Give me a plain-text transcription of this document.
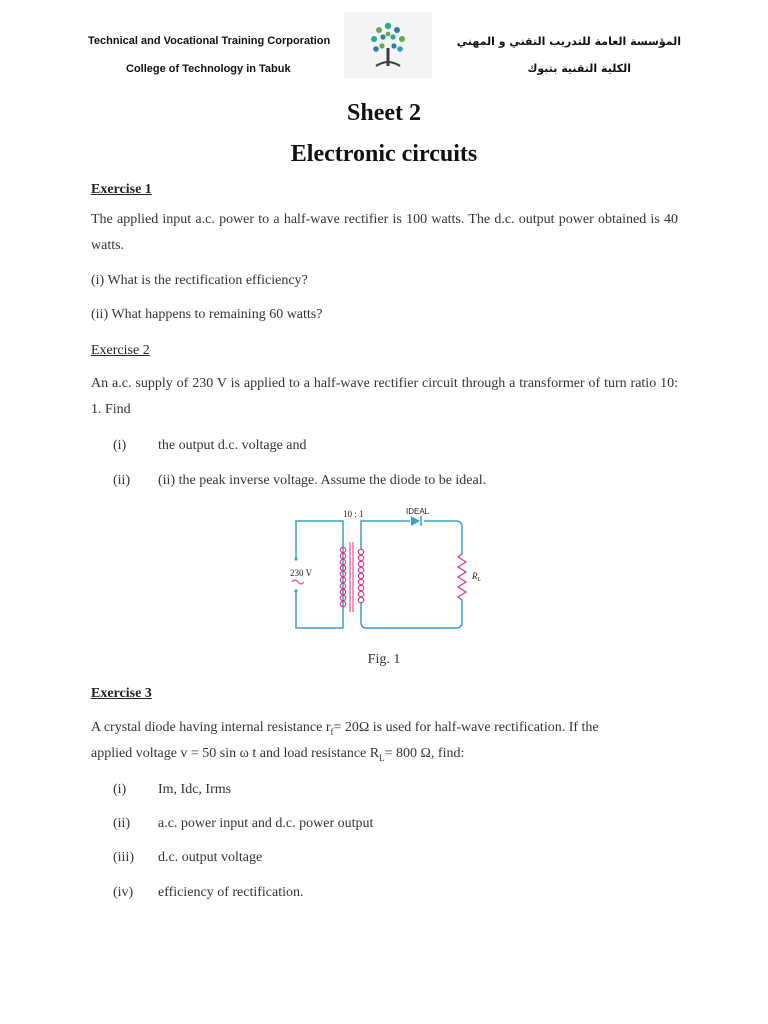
Technical and Vocational Training Corporation
College of Technology in Tabuk
المؤسسة العامة للتدريب التقني و المهني
الكلية التقنية بتبوك
Sheet 2
Electronic circuits
Exercise 1
The applied input a.c. power to a half-wave rectifier is 100 watts. The d.c. output power obtained is 40 watts.
(i) What is the rectification efficiency?
(ii) What happens to remaining 60 watts?
Exercise 2
An a.c. supply of 230 V is applied to a half-wave rectifier circuit through a transformer of turn ratio 10: 1. Find
(i) the output d.c. voltage and
(ii) (ii) the peak inverse voltage. Assume the diode to be ideal.
230 V
10 : 1	IDEAL
$R_L$
Fig. 1
Exercise 3
A crystal diode having internal resistance $r_f= 20\Omega$ is used for half-wave rectification. If the
applied voltage v = 50 sin ω t and load resistance $R_L= 800$ Ω, find:
(i) Im, Idc, Irms
(ii) a.c. power input and d.c. power output
(iii) d.c. output voltage
(iv) efficiency of rectification.
